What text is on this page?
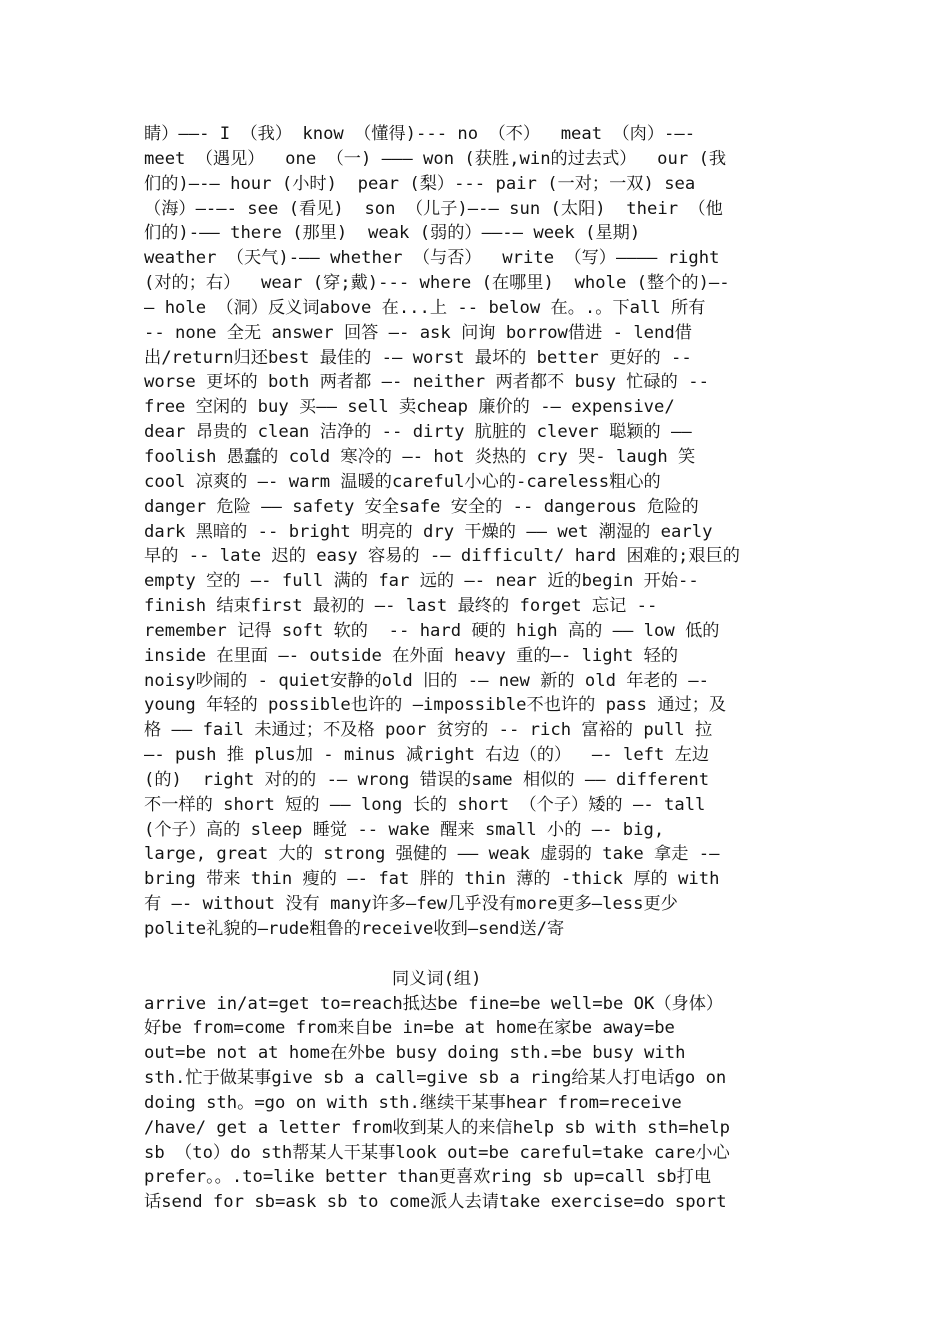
睛）——- I （我） know （懂得)--- no （不）  meat （肉）-—-
meet （遇见）  one （一) ——— won (获胜,win的过去式）  our (我
们的)—-— hour (小时)  pear (梨）--- pair (一对；一双) sea
（海）—-—- see (看见)  son （儿子)—-— sun (太阳)  their （他
们的)-—— there (那里)  weak (弱的）——-— week (星期)
weather （天气)-—— whether （与否）  write （写）———— right
(对的；右）  wear (穿;戴)--- where (在哪里)  whole (整个的)—-
— hole （洞）反义词above 在...上 -- below 在。.。下all 所有
-- none 全无 answer 回答 —- ask 问询 borrow借进 - lend借
出/return归还best 最佳的 -— worst 最坏的 better 更好的 --
worse 更坏的 both 两者都 —- neither 两者都不 busy 忙碌的 --
free 空闲的 buy 买—— sell 卖cheap 廉价的 -— expensive/
dear 昂贵的 clean 洁净的 -- dirty 肮脏的 clever 聪颖的 ——
foolish 愚蠢的 cold 寒冷的 —- hot 炎热的 cry 哭- laugh 笑
cool 凉爽的 —- warm 温暖的careful小心的-careless粗心的
danger 危险 —— safety 安全safe 安全的 -- dangerous 危险的
dark 黑暗的 -- bright 明亮的 dry 干燥的 —— wet 潮湿的 early
早的 -- late 迟的 easy 容易的 -— difficult/ hard 困难的;艰巨的
empty 空的 —- full 满的 far 远的 —- near 近的begin 开始--
finish 结束first 最初的 —- last 最终的 forget 忘记 --
remember 记得 soft 软的  -- hard 硬的 high 高的 —— low 低的
inside 在里面 —- outside 在外面 heavy 重的—- light 轻的
noisy吵闹的 - quiet安静的old 旧的 -— new 新的 old 年老的 —-
young 年轻的 possible也许的 —impossible不也许的 pass 通过；及
格 —— fail 未通过；不及格 poor 贫穷的 -- rich 富裕的 pull 拉
—- push 推 plus加 - minus 减right 右边（的）  —- left 左边
(的)  right 对的的 -— wrong 错误的same 相似的 —— different
不一样的 short 短的 —— long 长的 short （个子）矮的 —- tall
(个子）高的 sleep 睡觉 -- wake 醒来 small 小的 —- big,
large, great 大的 strong 强健的 —— weak 虚弱的 take 拿走 -—
bring 带来 thin 瘦的 —- fat 胖的 thin 薄的 -thick 厚的 with
有 —- without 没有 many许多—few几乎没有more更多—less更少
polite礼貌的—rude粗鲁的receive收到—send送/寄
同义词(组)
arrive in/at=get to=reach抵达be fine=be well=be OK（身体）
好be from=come from来自be in=be at home在家be away=be
out=be not at home在外be busy doing sth.=be busy with
sth.忙于做某事give sb a call=give sb a ring给某人打电话go on
doing sth。=go on with sth.继续干某事hear from=receive
/have/ get a letter from收到某人的来信help sb with sth=help
sb （to）do sth帮某人干某事look out=be careful=take care小心
prefer。。.to=like better than更喜欢ring sb up=call sb打电
话send for sb=ask sb to come派人去请take exercise=do sport
